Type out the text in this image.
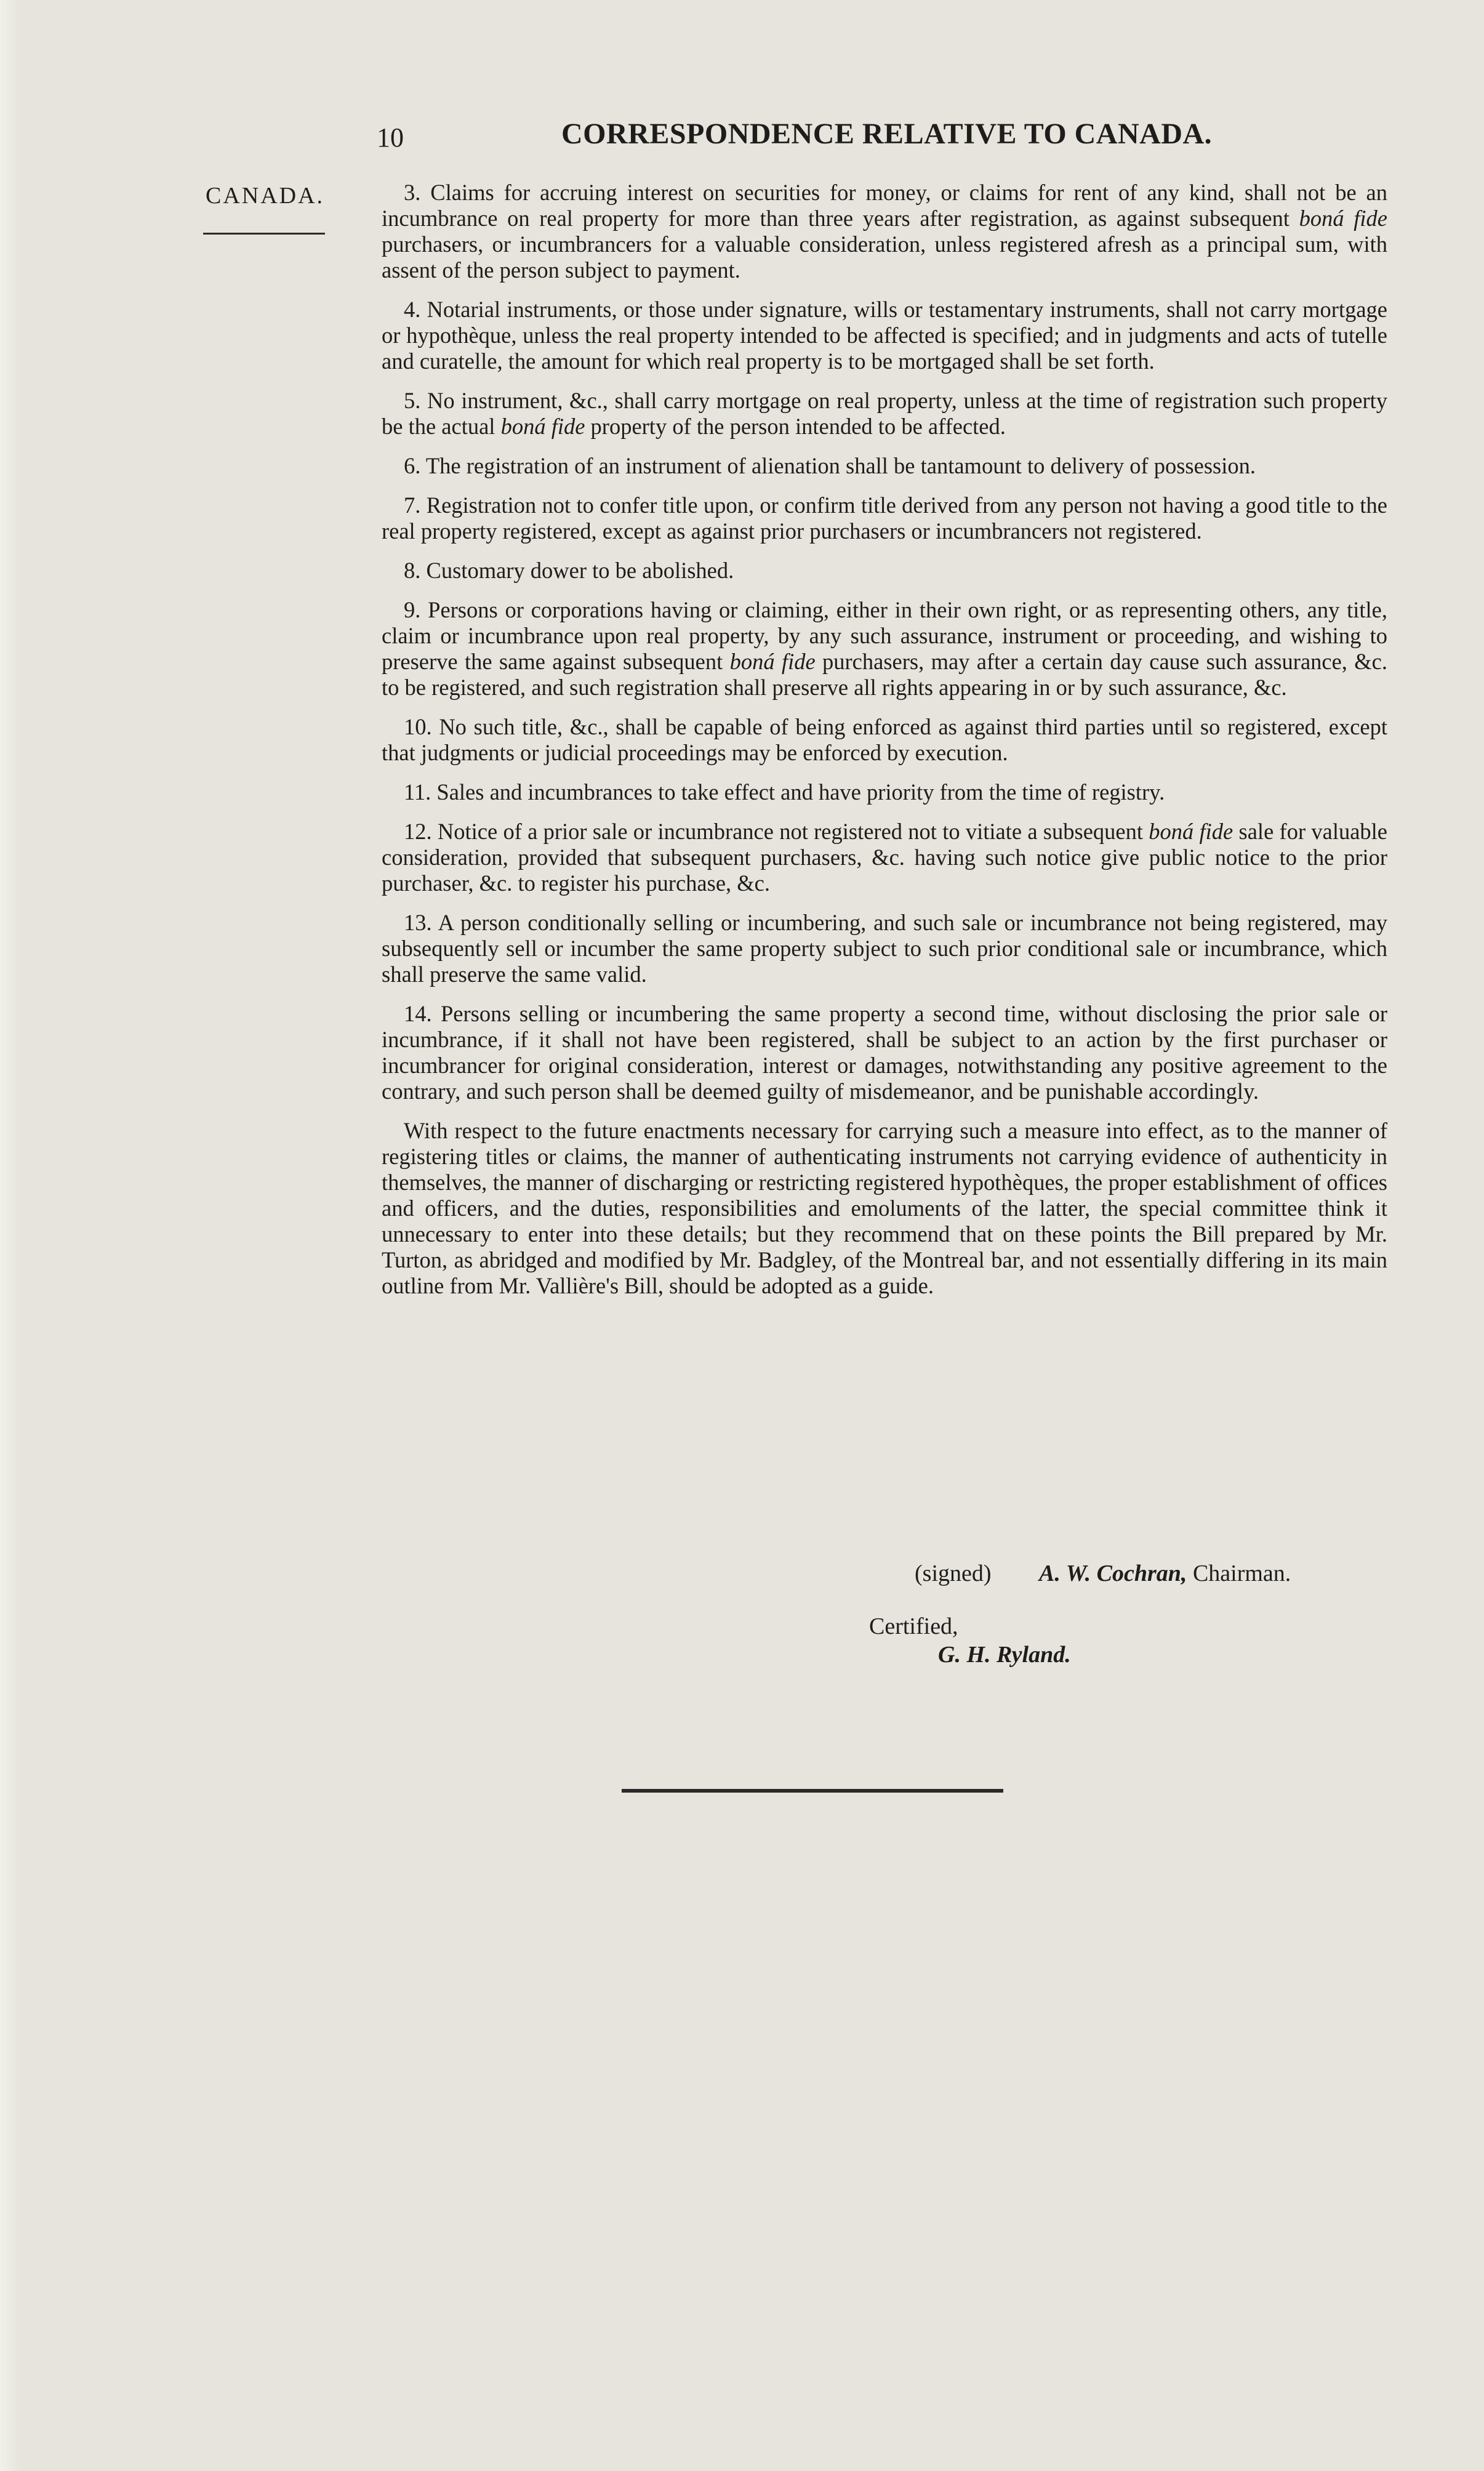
10	CORRESPONDENCE RELATIVE TO CANADA.
CANADA.	3. Claims for accruing interest on securities for money, or claims for rent of any kind, shall not be an incumbrance on real property for more than three years after registration, as against subsequent boná fide purchasers, or incumbrancers for a valuable consideration, unless registered afresh as a principal sum, with assent of the person subject to payment.

4. Notarial instruments, or those under signature, wills or testamentary instruments, shall not carry mortgage or hypothèque, unless the real property intended to be affected is specified; and in judgments and acts of tutelle and curatelle, the amount for which real property is to be mortgaged shall be set forth.

5. No instrument, &c., shall carry mortgage on real property, unless at the time of registration such property be the actual boná fide property of the person intended to be affected.

6. The registration of an instrument of alienation shall be tantamount to delivery of possession.

7. Registration not to confer title upon, or confirm title derived from any person not having a good title to the real property registered, except as against prior purchasers or incumbrancers not registered.

8. Customary dower to be abolished.

9. Persons or corporations having or claiming, either in their own right, or as representing others, any title, claim or incumbrance upon real property, by any such assurance, instrument or proceeding, and wishing to preserve the same against subsequent boná fide purchasers, may after a certain day cause such assurance, &c. to be registered, and such registration shall preserve all rights appearing in or by such assurance, &c.

10. No such title, &c., shall be capable of being enforced as against third parties until so registered, except that judgments or judicial proceedings may be enforced by execution.

11. Sales and incumbrances to take effect and have priority from the time of registry.

12. Notice of a prior sale or incumbrance not registered not to vitiate a subsequent boná fide sale for valuable consideration, provided that subsequent purchasers, &c. having such notice give public notice to the prior purchaser, &c. to register his purchase, &c.

13. A person conditionally selling or incumbering, and such sale or incumbrance not being registered, may subsequently sell or incumber the same property subject to such prior conditional sale or incumbrance, which shall preserve the same valid.

14. Persons selling or incumbering the same property a second time, without disclosing the prior sale or incumbrance, if it shall not have been registered, shall be subject to an action by the first purchaser or incumbrancer for original consideration, interest or damages, notwithstanding any positive agreement to the contrary, and such person shall be deemed guilty of misdemeanor, and be punishable accordingly.

With respect to the future enactments necessary for carrying such a measure into effect, as to the manner of registering titles or claims, the manner of authenticating instruments not carrying evidence of authenticity in themselves, the manner of discharging or restricting registered hypothèques, the proper establishment of offices and officers, and the duties, responsibilities and emoluments of the latter, the special committee think it unnecessary to enter into these details; but they recommend that on these points the Bill prepared by Mr. Turton, as abridged and modified by Mr. Badgley, of the Montreal bar, and not essentially differing in its main outline from Mr. Vallière's Bill, should be adopted as a guide.

(signed) A. W. Cochran, Chairman.
Certified,
G. H. Ryland.
